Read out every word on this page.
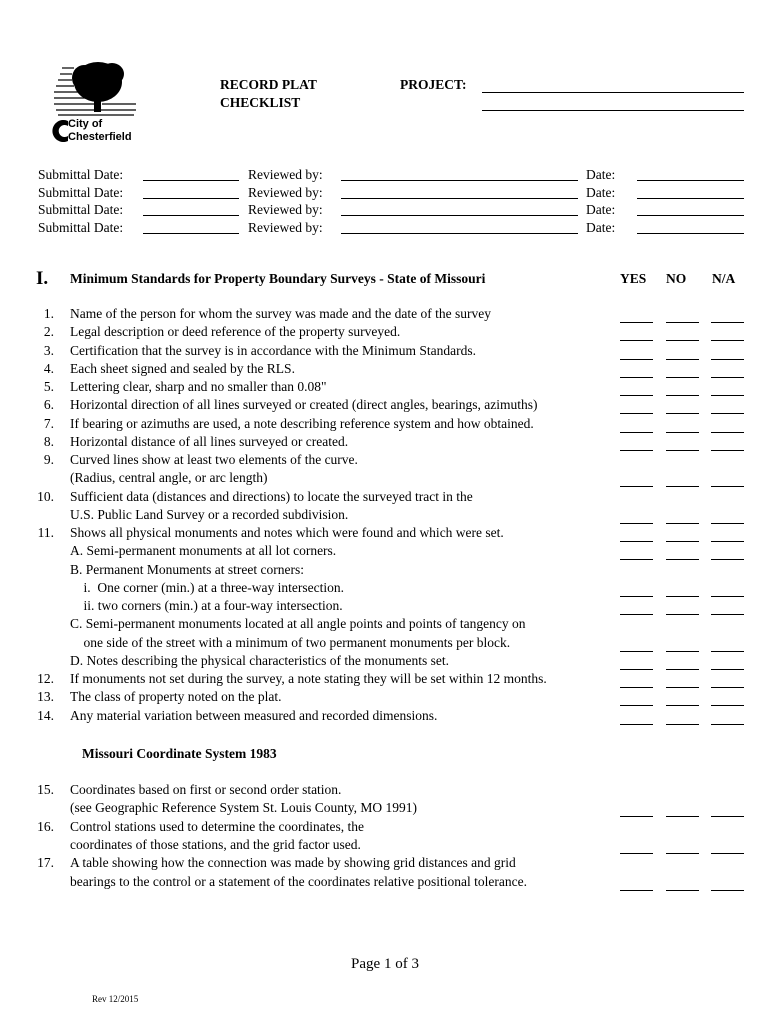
City of
Chesterfield
RECORD PLAT
CHECKLIST
PROJECT:
Submittal Date:	Reviewed by:	Date:
Submittal Date:	Reviewed by:	Date:
Submittal Date:	Reviewed by:	Date:
Submittal Date:	Reviewed by:	Date:
I. Minimum Standards for Property Boundary Surveys - State of Missouri	YES NO N/A
1. Name of the person for whom the survey was made and the date of the survey
2. Legal description or deed reference of the property surveyed.
3. Certification that the survey is in accordance with the Minimum Standards.
4. Each sheet signed and sealed by the RLS.
5. Lettering clear, sharp and no smaller than 0.08"
6. Horizontal direction of all lines surveyed or created (direct angles, bearings, azimuths)
7. If bearing or azimuths are used, a note describing reference system and how obtained.
8. Horizontal distance of all lines surveyed or created.
9. Curved lines show at least two elements of the curve.
(Radius, central angle, or arc length)
10. Sufficient data (distances and directions) to locate the surveyed tract in the
U.S. Public Land Survey or a recorded subdivision.
11. Shows all physical monuments and notes which were found and which were set.
A. Semi-permanent monuments at all lot corners.
B. Permanent Monuments at street corners:
i.  One corner (min.) at a three-way intersection.
ii. two corners (min.) at a four-way intersection.
C. Semi-permanent monuments located at all angle points and points of tangency on
one side of the street with a minimum of two permanent monuments per block.
D. Notes describing the physical characteristics of the monuments set.
12. If monuments not set during the survey, a note stating they will be set within 12 months.
13. The class of property noted on the plat.
14. Any material variation between measured and recorded dimensions.
Missouri Coordinate System 1983
15. Coordinates based on first or second order station.
(see Geographic Reference System St. Louis County, MO 1991)
16. Control stations used to determine the coordinates, the
coordinates of those stations, and the grid factor used.
17. A table showing how the connection was made by showing grid distances and grid
bearings to the control or a statement of the coordinates relative positional tolerance.
Page 1 of 3
Rev 12/2015
